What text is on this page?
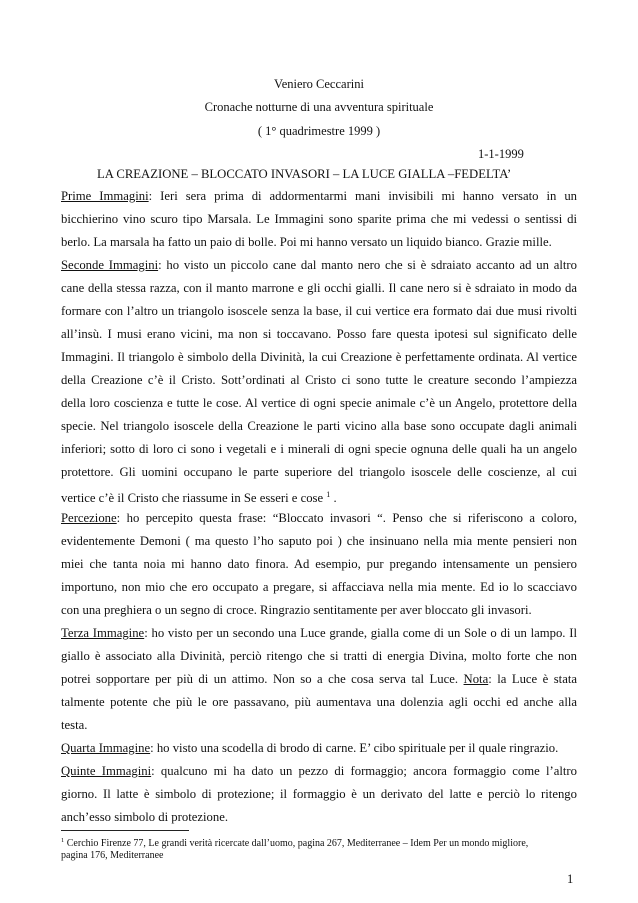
Veniero Ceccarini
Cronache notturne di una avventura spirituale
( 1° quadrimestre 1999 )
1-1-1999
LA CREAZIONE – BLOCCATO INVASORI – LA LUCE GIALLA –FEDELTA’
Prime Immagini: Ieri sera prima di addormentarmi mani invisibili mi hanno versato in un
bicchierino vino scuro tipo Marsala. Le Immagini sono sparite prima che mi vedessi o sentissi di
berlo. La marsala ha fatto un paio di bolle. Poi mi hanno versato un liquido bianco. Grazie mille.
Seconde Immagini: ho visto un piccolo cane dal manto nero che si è sdraiato accanto ad un altro
cane della stessa razza, con il manto marrone e gli occhi gialli. Il cane nero si è sdraiato in modo da
formare con l’altro un triangolo isoscele senza la base, il cui vertice era formato dai due musi rivolti
all’insù. I musi erano vicini, ma non si toccavano. Posso fare questa ipotesi sul significato delle
Immagini. Il triangolo è simbolo della Divinità, la cui Creazione è perfettamente ordinata. Al vertice
della Creazione c’è il Cristo. Sott’ordinati al Cristo ci sono tutte le creature secondo l’ampiezza
della loro coscienza e tutte le cose. Al vertice di ogni specie animale c’è un Angelo, protettore della
specie. Nel triangolo isoscele della Creazione le parti vicino alla base sono occupate dagli animali
inferiori; sotto di loro ci sono i vegetali e i minerali di ogni specie ognuna delle quali ha un angelo
protettore. Gli uomini occupano le parte superiore del triangolo isoscele delle coscienze, al cui
vertice c’è il Cristo che riassume in Se esseri e cose $^1$ .
Percezione: ho percepito questa frase: “Bloccato invasori “. Penso che si riferiscono a coloro,
evidentemente Demoni ( ma questo l’ho saputo poi ) che insinuano nella mia mente pensieri non
miei che tanta noia mi hanno dato finora. Ad esempio, pur pregando intensamente un pensiero
importuno, non mio che ero occupato a pregare, si affacciava nella mia mente. Ed io lo scacciavo
con una preghiera o un segno di croce. Ringrazio sentitamente per aver bloccato gli invasori.
Terza Immagine: ho visto per un secondo una Luce grande, gialla come di un Sole o di un lampo. Il
giallo è associato alla Divinità, perciò ritengo che si tratti di energia Divina, molto forte che non
potrei sopportare per più di un attimo. Non so a che cosa serva tal Luce. Nota: la Luce è stata
talmente potente che più le ore passavano, più aumentava una dolenzia agli occhi ed anche alla
testa.
Quarta Immagine: ho visto una scodella di brodo di carne. E’ cibo spirituale per il quale ringrazio.
Quinte Immagini: qualcuno mi ha dato un pezzo di formaggio; ancora formaggio come l’altro
giorno. Il latte è simbolo di protezione; il formaggio è un derivato del latte e perciò lo ritengo
anch’esso simbolo di protezione.
$^1$ Cerchio Firenze 77, Le grandi verità ricercate dall’uomo, pagina 267, Mediterranee – Idem Per un mondo migliore,
pagina 176, Mediterranee
1
